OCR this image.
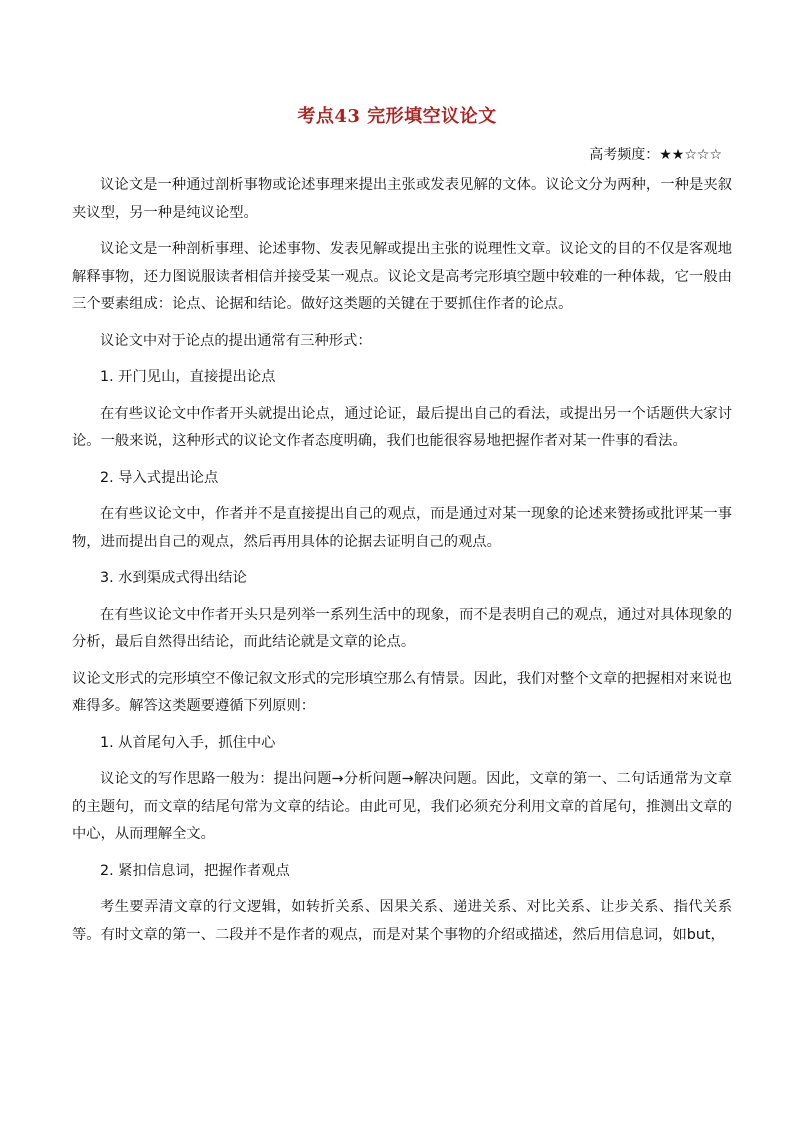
考点43 完形填空议论文
高考频度：★★☆☆☆

议论文是一种通过剖析事物或论述事理来提出主张或发表见解的文体。议论文分为两种，一种是夹叙夹议型，另一种是纯议论型。

议论文是一种剖析事理、论述事物、发表见解或提出主张的说理性文章。议论文的目的不仅是客观地解释事物，还力图说服读者相信并接受某一观点。议论文是高考完形填空题中较难的一种体裁，它一般由三个要素组成：论点、论据和结论。做好这类题的关键在于要抓住作者的论点。

议论文中对于论点的提出通常有三种形式：

1. 开门见山，直接提出论点

在有些议论文中作者开头就提出论点，通过论证，最后提出自己的看法，或提出另一个话题供大家讨论。一般来说，这种形式的议论文作者态度明确，我们也能很容易地把握作者对某一件事的看法。

2. 导入式提出论点

在有些议论文中，作者并不是直接提出自己的观点，而是通过对某一现象的论述来赞扬或批评某一事物，进而提出自己的观点，然后再用具体的论据去证明自己的观点。

3. 水到渠成式得出结论

在有些议论文中作者开头只是列举一系列生活中的现象，而不是表明自己的观点，通过对具体现象的分析，最后自然得出结论，而此结论就是文章的论点。

议论文形式的完形填空不像记叙文形式的完形填空那么有情景。因此，我们对整个文章的把握相对来说也难得多。解答这类题要遵循下列原则：

1. 从首尾句入手，抓住中心

议论文的写作思路一般为：提出问题→分析问题→解决问题。因此，文章的第一、二句话通常为文章的主题句，而文章的结尾句常为文章的结论。由此可见，我们必须充分利用文章的首尾句，推测出文章的中心，从而理解全文。

2. 紧扣信息词，把握作者观点

考生要弄清文章的行文逻辑，如转折关系、因果关系、递进关系、对比关系、让步关系、指代关系等。有时文章的第一、二段并不是作者的观点，而是对某个事物的介绍或描述，然后用信息词，如but，
